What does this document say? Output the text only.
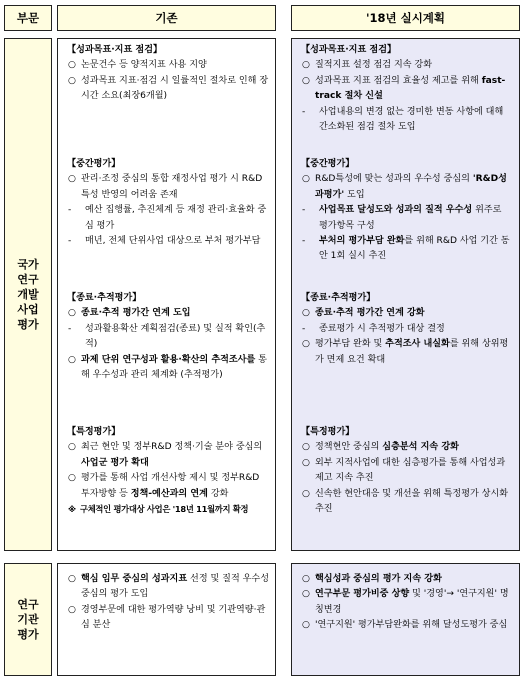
부문	기존	'18년 실시계획
국가
연구
개발
사업
평가
【성과목표·지표 점검】
○ 논문건수 등 양적지표 사용 지양
○ 성과목표 지표·점검 시 일률적인 절차로 인해 장시간 소요(최장6개월)
【중간평가】
○ 관리·조정 중심의 통합 재정사업 평가 시 R&D특성 반영의 어려움 존재
- 예산 집행률, 추진체계 등 재정 관리·효율화 중심 평가
- 매년, 전체 단위사업 대상으로 부처 평가부담
【종료·추적평가】
○ 종료·추적 평가간 연계 도입
- 성과활용확산 계획점검(종료) 및 실적 확인(추적)
○ 과제 단위 연구성과 활용·확산의 추적조사를 통해 우수성과 관리 체계화 (추적평가)
【특정평가】
○ 최근 현안 및 정부R&D 정책·기술 분야 중심의 사업군 평가 확대
○ 평가를 통해 사업 개선사항 제시 및 정부R&D 투자방향 등 정책-예산과의 연계 강화
※ 구체적인 평가대상 사업은 '18년 11월까지 확정
【성과목표·지표 점검】
○ 질적지표 설정 점검 지속 강화
○ 성과목표 지표 점검의 효율성 제고를 위해 fast-track 절차 신설
- 사업내용의 변경 없는 경미한 변동 사항에 대해 간소화된 점검 절차 도입
【중간평가】
○ R&D특성에 맞는 성과의 우수성 중심의 'R&D성과평가' 도입
- 사업목표 달성도와 성과의 질적 우수성 위주로 평가항목 구성
- 부처의 평가부담 완화를 위해 R&D 사업 기간 동안 1회 실시 추진
【종료·추적평가】
○ 종료·추적 평가간 연계 강화
- 종료평가 시 추적평가 대상 결정
○ 평가부담 완화 및 추적조사 내실화를 위해 상위평가 면제 요건 확대
【특정평가】
○ 정책현안 중심의 심층분석 지속 강화
○ 외부 지적사업에 대한 심층평가를 통해 사업성과 제고 지속 추진
○ 신속한 현안대응 및 개선을 위해 특정평가 상시화 추진
연구
기관
평가
○ 핵심 임무 중심의 성과지표 선정 및 질적 우수성 중심의 평가 도입
○ 경영부문에 대한 평가역량 낭비 및 기관역량·관심 분산
○ 핵심성과 중심의 평가 지속 강화
○ 연구부문 평가비중 상향 및 '경영'→ '연구지원' 명칭변경
○ '연구지원' 평가부담완화를 위해 달성도평가 중심
